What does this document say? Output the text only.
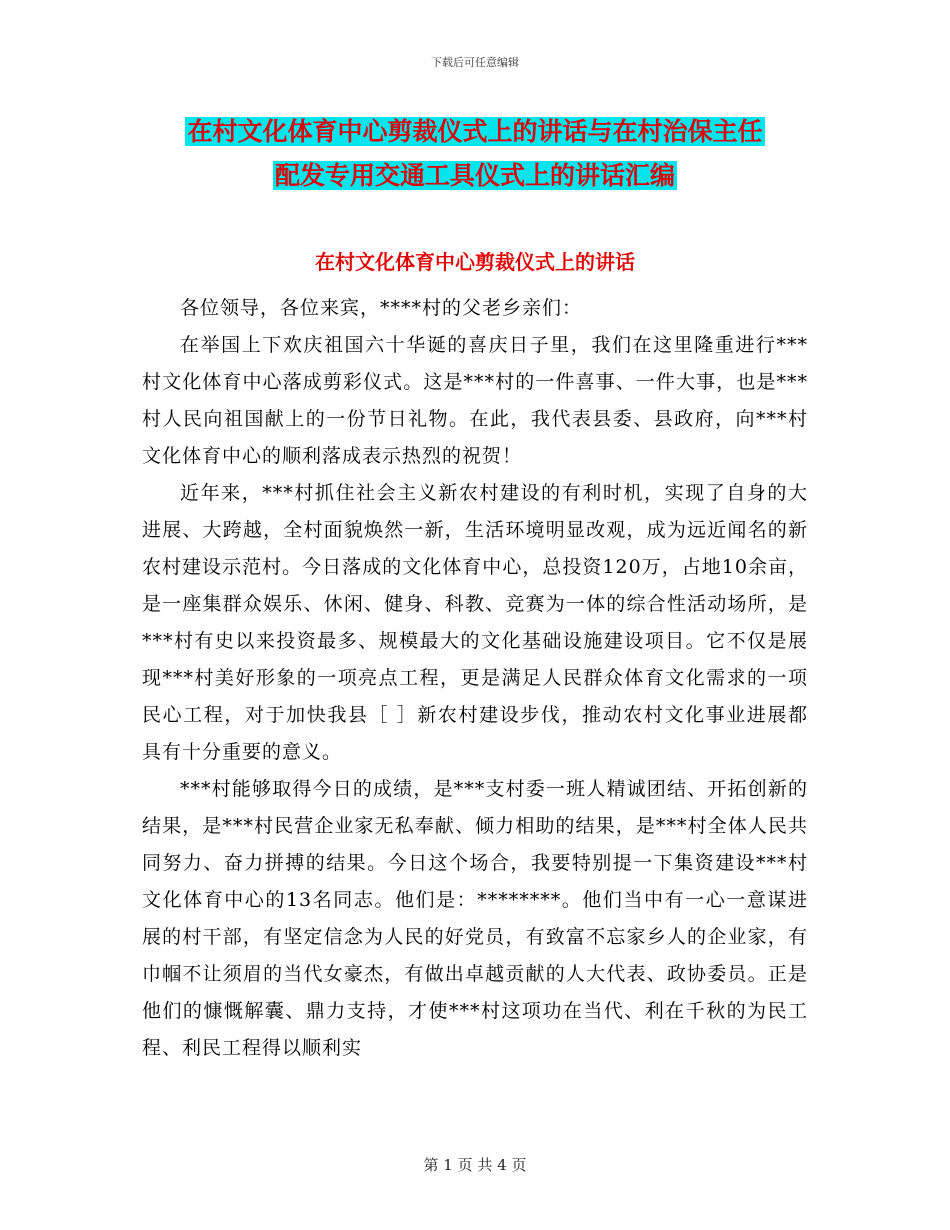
下载后可任意编辑
在村文化体育中心剪裁仪式上的讲话与在村治保主任
配发专用交通工具仪式上的讲话汇编
在村文化体育中心剪裁仪式上的讲话

各位领导，各位来宾，****村的父老乡亲们：

在举国上下欢庆祖国六十华诞的喜庆日子里，我们在这里隆重进行***村文化体育中心落成剪彩仪式。这是***村的一件喜事、一件大事，也是***村人民向祖国献上的一份节日礼物。在此，我代表县委、县政府，向***村文化体育中心的顺利落成表示热烈的祝贺！

近年来，***村抓住社会主义新农村建设的有利时机，实现了自身的大进展、大跨越，全村面貌焕然一新，生活环境明显改观，成为远近闻名的新农村建设示范村。今日落成的文化体育中心，总投资120万，占地10余亩，是一座集群众娱乐、休闲、健身、科教、竞赛为一体的综合性活动场所，是***村有史以来投资最多、规模最大的文化基础设施建设项目。它不仅是展现***村美好形象的一项亮点工程，更是满足人民群众体育文化需求的一项民心工程，对于加快我县［ ］新农村建设步伐，推动农村文化事业进展都具有十分重要的意义。

***村能够取得今日的成绩，是***支村委一班人精诚团结、开拓创新的结果，是***村民营企业家无私奉献、倾力相助的结果，是***村全体人民共同努力、奋力拼搏的结果。今日这个场合，我要特别提一下集资建设***村文化体育中心的13名同志。他们是：********。他们当中有一心一意谋进展的村干部，有坚定信念为人民的好党员，有致富不忘家乡人的企业家，有巾帼不让须眉的当代女豪杰，有做出卓越贡献的人大代表、政协委员。正是他们的慷慨解囊、鼎力支持，才使***村这项功在当代、利在千秋的为民工程、利民工程得以顺利实

第 1 页 共 4 页
